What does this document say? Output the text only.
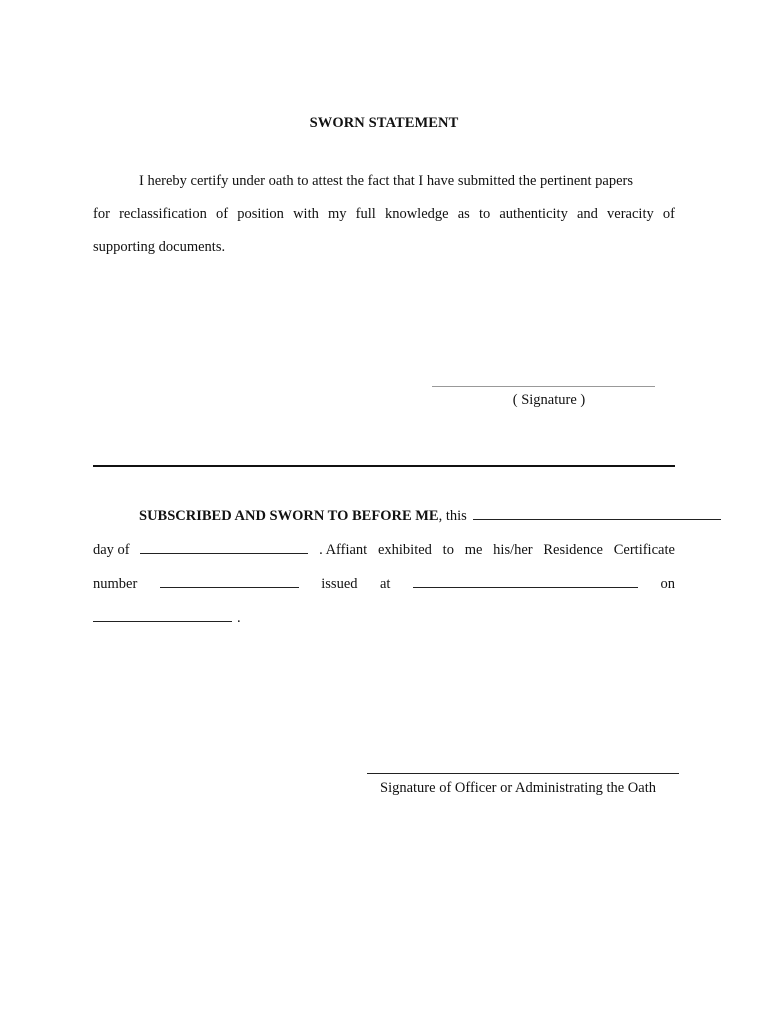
SWORN STATEMENT
I hereby certify under oath to attest the fact that I have submitted the pertinent papers
for reclassification of position with my full knowledge as to authenticity and veracity of
supporting documents.
( Signature )
SUBSCRIBED AND SWORN TO BEFORE ME , this
day of	. Affiant exhibited to me his/her Residence Certificate
number	issued at	on
.
Signature of Officer or Administrating the Oath
